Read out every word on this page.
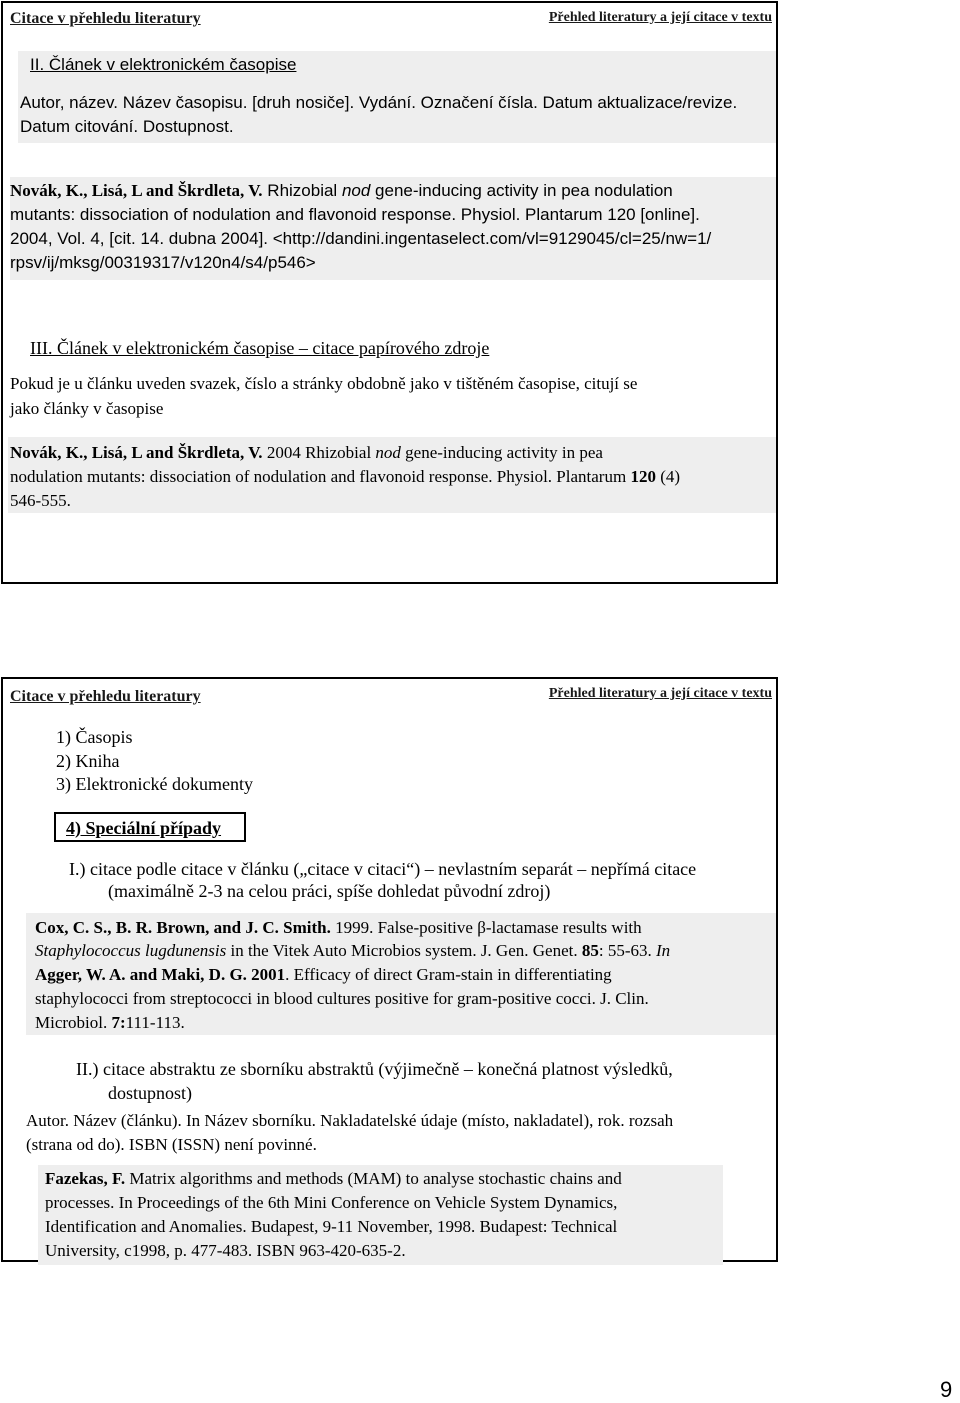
Citace v přehledu literatury	Přehled literatury a její citace v textu
II. Článek v elektronickém časopise
Autor, název. Název časopisu. [druh nosiče]. Vydání. Označení čísla. Datum aktualizace/revize.
Datum citování. Dostupnost.
Novák, K., Lisá, L and Škrdleta, V. Rhizobial nod gene-inducing activity in pea nodulation
mutants: dissociation of nodulation and flavonoid response. Physiol. Plantarum 120 [online].
2004, Vol. 4, [cit. 14. dubna 2004]. <http://dandini.ingentaselect.com/vl=9129045/cl=25/nw=1/
rpsv/ij/mksg/00319317/v120n4/s4/p546>
III. Článek v elektronickém časopise – citace papírového zdroje
Pokud je u článku uveden svazek, číslo a stránky obdobně jako v tištěném časopise, citují se
jako články v časopise
Novák, K., Lisá, L and Škrdleta, V. 2004 Rhizobial nod gene-inducing activity in pea
nodulation mutants: dissociation of nodulation and flavonoid response. Physiol. Plantarum 120 (4)
546-555.
Citace v přehledu literatury	Přehled literatury a její citace v textu
1) Časopis
2) Kniha
3) Elektronické dokumenty
4) Speciální případy
I.) citace podle citace v článku („citace v citaci“) – nevlastním separát – nepřímá citace
(maximálně 2-3 na celou práci, spíše dohledat původní zdroj)
Cox, C. S., B. R. Brown, and J. C. Smith. 1999. False-positive β-lactamase results with
Staphylococcus lugdunensis in the Vitek Auto Microbios system. J. Gen. Genet. 85: 55-63. In
Agger, W. A. and Maki, D. G. 2001. Efficacy of direct Gram-stain in differentiating
staphylococci from streptococci in blood cultures positive for gram-positive cocci. J. Clin.
Microbiol. 7:111-113.
II.) citace abstraktu ze sborníku abstraktů (výjimečně – konečná platnost výsledků,
dostupnost)
Autor. Název (článku). In Název sborníku. Nakladatelské údaje (místo, nakladatel), rok. rozsah
(strana od do). ISBN (ISSN) není povinné.
Fazekas, F. Matrix algorithms and methods (MAM) to analyse stochastic chains and
processes. In Proceedings of the 6th Mini Conference on Vehicle System Dynamics,
Identification and Anomalies. Budapest, 9-11 November, 1998. Budapest: Technical
University, c1998, p. 477-483. ISBN 963-420-635-2.
9
